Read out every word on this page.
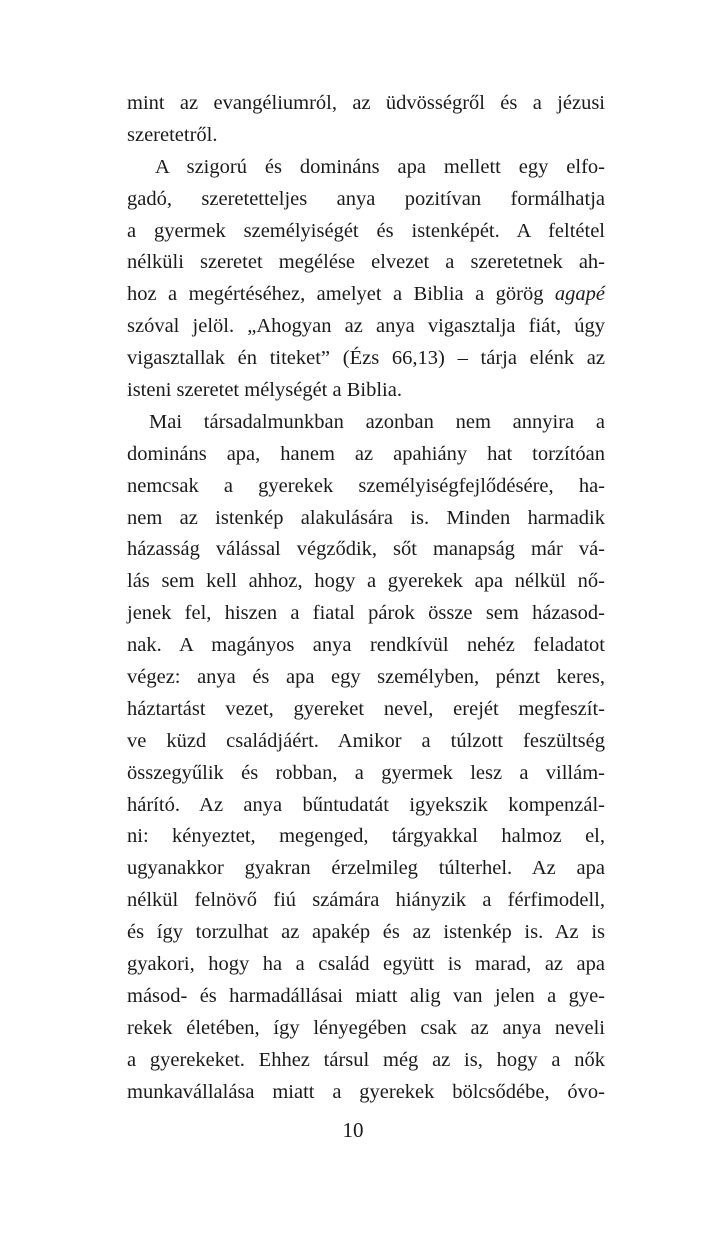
mint az evangéliumról, az üdvösségről és a jézusi
szeretetről.
A szigorú és domináns apa mellett egy elfo-
gadó, szeretetteljes anya pozitívan formálhatja
a gyermek személyiségét és istenképét. A feltétel
nélküli szeretet megélése elvezet a szeretetnek ah-
hoz a megértéséhez, amelyet a Biblia a görög agapé
szóval jelöl. „Ahogyan az anya vigasztalja fiát, úgy
vigasztallak én titeket” (Ézs 66,13) – tárja elénk az
isteni szeretet mélységét a Biblia.
Mai társadalmunkban azonban nem annyira a
domináns apa, hanem az apahiány hat torzítóan
nemcsak a gyerekek személyiségfejlődésére, ha-
nem az istenkép alakulására is. Minden harmadik
házasság válással végződik, sőt manapság már vá-
lás sem kell ahhoz, hogy a gyerekek apa nélkül nő-
jenek fel, hiszen a fiatal párok össze sem házasod-
nak. A magányos anya rendkívül nehéz feladatot
végez: anya és apa egy személyben, pénzt keres,
háztartást vezet, gyereket nevel, erejét megfeszít-
ve küzd családjáért. Amikor a túlzott feszültség
összegyűlik és robban, a gyermek lesz a villám-
hárító. Az anya bűntudatát igyekszik kompenzál-
ni: kényeztet, megenged, tárgyakkal halmoz el,
ugyanakkor gyakran érzelmileg túlterhel. Az apa
nélkül felnövő fiú számára hiányzik a férfimodell,
és így torzulhat az apakép és az istenkép is. Az is
gyakori, hogy ha a család együtt is marad, az apa
másod- és harmadállásai miatt alig van jelen a gye-
rekek életében, így lényegében csak az anya neveli
a gyerekeket. Ehhez társul még az is, hogy a nők
munkavállalása miatt a gyerekek bölcsődébe, óvo-
10
